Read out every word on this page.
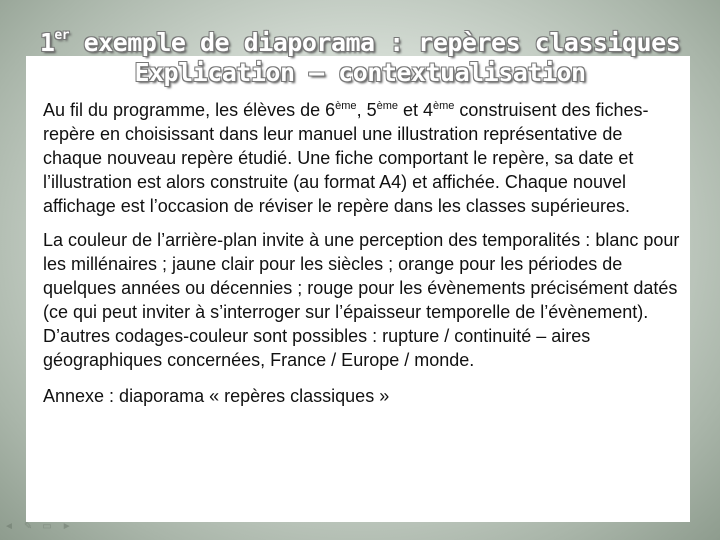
1er exemple de diaporama : repères classiques
Explication – contextualisation

Au fil du programme, les élèves de 6ème, 5ème et 4ème construisent des fiches-repère en choisissant dans leur manuel une illustration représentative de chaque nouveau repère étudié. Une fiche comportant le repère, sa date et l’illustration est alors construite (au format A4) et affichée. Chaque nouvel affichage est l’occasion de réviser le repère dans les classes supérieures.

La couleur de l’arrière-plan invite à une perception des temporalités : blanc pour les millénaires ; jaune clair pour les siècles ; orange pour les périodes de quelques années ou décennies ; rouge pour les évènements précisément datés (ce qui peut inviter à s’interroger sur l’épaisseur temporelle de l’évènement).

D’autres codages-couleur sont possibles : rupture / continuité – aires géographiques concernées, France / Europe / monde.

Annexe : diaporama « repères classiques »

◄ ✎ ▭ ►
